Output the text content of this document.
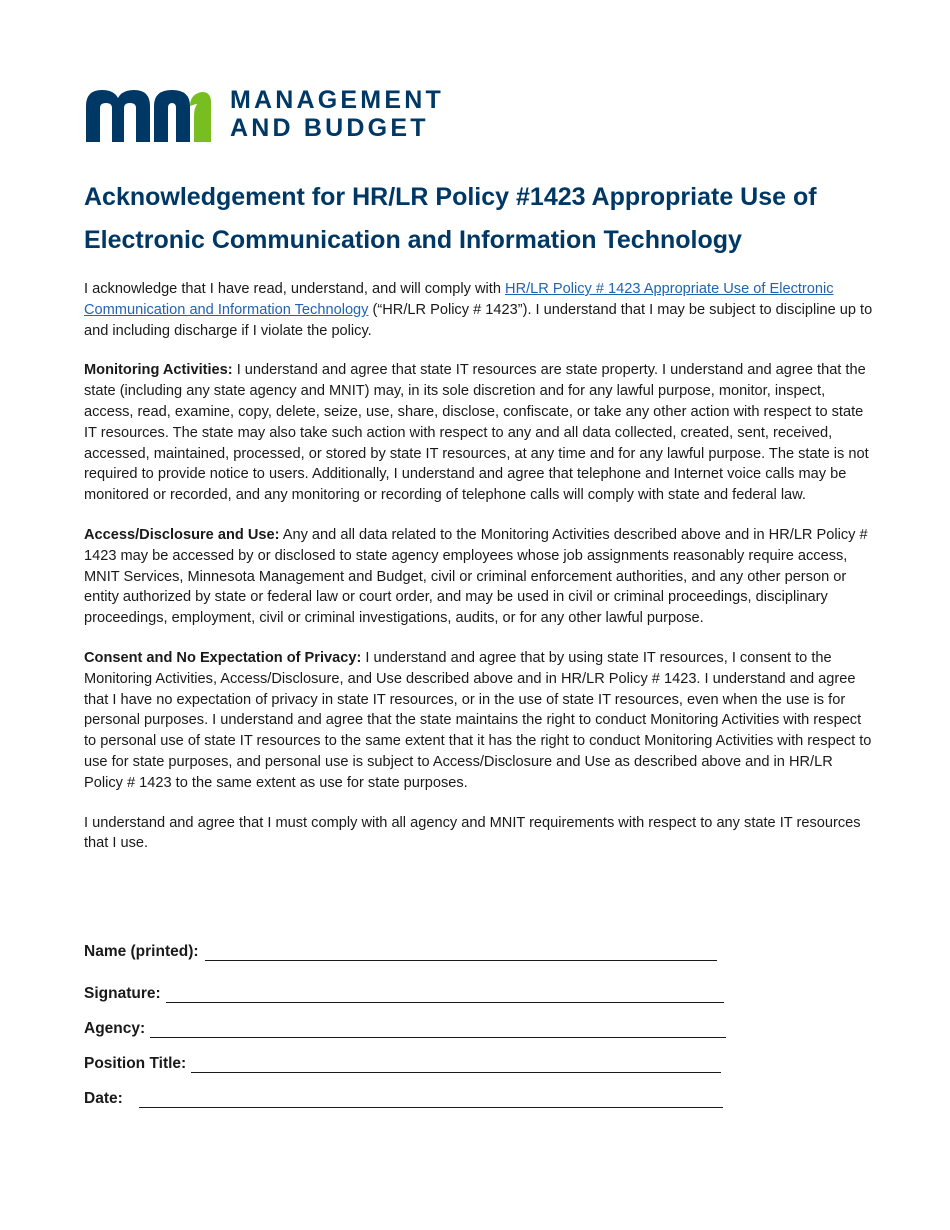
MANAGEMENT
AND BUDGET
Acknowledgement for HR/LR Policy #1423 Appropriate Use of Electronic Communication and Information Technology

I acknowledge that I have read, understand, and will comply with HR/LR Policy # 1423 Appropriate Use of Electronic Communication and Information Technology (“HR/LR Policy # 1423”). I understand that I may be subject to discipline up to and including discharge if I violate the policy.

Monitoring Activities: I understand and agree that state IT resources are state property. I understand and agree that the state (including any state agency and MNIT) may, in its sole discretion and for any lawful purpose, monitor, inspect, access, read, examine, copy, delete, seize, use, share, disclose, confiscate, or take any other action with respect to state IT resources. The state may also take such action with respect to any and all data collected, created, sent, received, accessed, maintained, processed, or stored by state IT resources, at any time and for any lawful purpose. The state is not required to provide notice to users. Additionally, I understand and agree that telephone and Internet voice calls may be monitored or recorded, and any monitoring or recording of telephone calls will comply with state and federal law.

Access/Disclosure and Use: Any and all data related to the Monitoring Activities described above and in HR/LR Policy # 1423 may be accessed by or disclosed to state agency employees whose job assignments reasonably require access, MNIT Services, Minnesota Management and Budget, civil or criminal enforcement authorities, and any other person or entity authorized by state or federal law or court order, and may be used in civil or criminal proceedings, disciplinary proceedings, employment, civil or criminal investigations, audits, or for any other lawful purpose.

Consent and No Expectation of Privacy: I understand and agree that by using state IT resources, I consent to the Monitoring Activities, Access/Disclosure, and Use described above and in HR/LR Policy # 1423. I understand and agree that I have no expectation of privacy in state IT resources, or in the use of state IT resources, even when the use is for personal purposes. I understand and agree that the state maintains the right to conduct Monitoring Activities with respect to personal use of state IT resources to the same extent that it has the right to conduct Monitoring Activities with respect to use for state purposes, and personal use is subject to Access/Disclosure and Use as described above and in HR/LR Policy # 1423 to the same extent as use for state purposes.

I understand and agree that I must comply with all agency and MNIT requirements with respect to any state IT resources that I use.

Name (printed):
Signature:
Agency:
Position Title:
Date:
